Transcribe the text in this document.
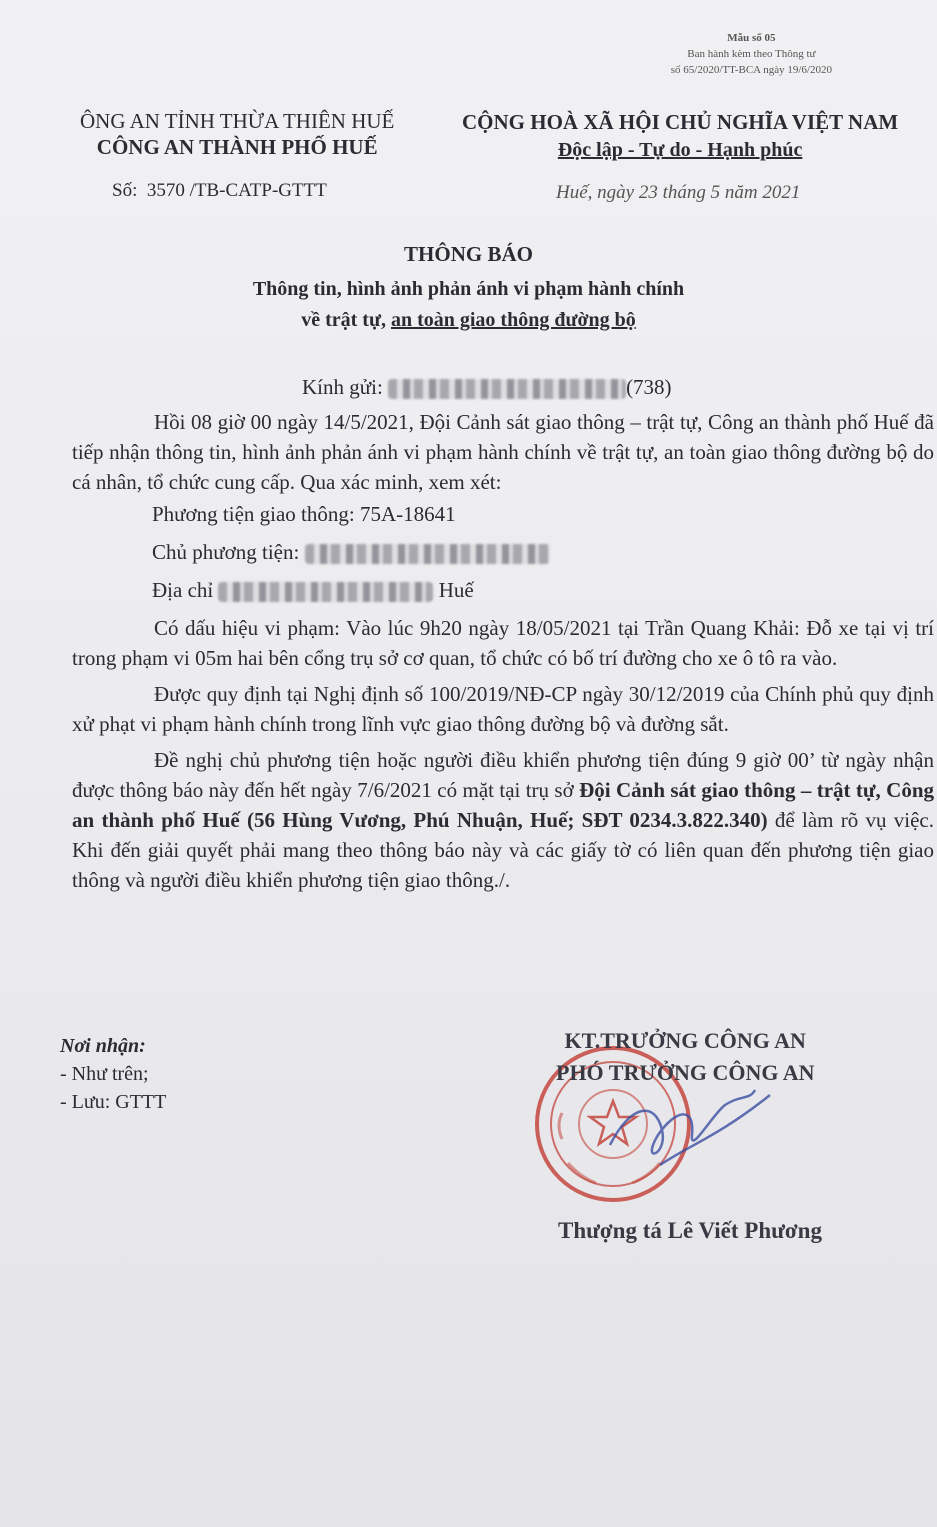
Mẫu số 05
Ban hành kèm theo Thông tư
số 65/2020/TT-BCA ngày 19/6/2020
ÔNG AN TỈNH THỪA THIÊN HUẾ
CÔNG AN THÀNH PHỐ HUẾ
CỘNG HOÀ XÃ HỘI CHỦ NGHĨA VIỆT NAM
Độc lập - Tự do - Hạnh phúc
Số: 3570 /TB-CATP-GTTT	Huế, ngày 23 tháng 5 năm 2021
THÔNG BÁO
Thông tin, hình ảnh phản ánh vi phạm hành chính
về trật tự, an toàn giao thông đường bộ
Kính gửi:	(738)

Hồi 08 giờ 00 ngày 14/5/2021, Đội Cảnh sát giao thông – trật tự, Công an thành phố Huế đã tiếp nhận thông tin, hình ảnh phản ánh vi phạm hành chính về trật tự, an toàn giao thông đường bộ do cá nhân, tổ chức cung cấp. Qua xác minh, xem xét:

Phương tiện giao thông: 75A-18641
Chủ phương tiện:
Địa chỉ	Huế

Có dấu hiệu vi phạm: Vào lúc 9h20 ngày 18/05/2021 tại Trần Quang Khải: Đỗ xe tại vị trí trong phạm vi 05m hai bên cổng trụ sở cơ quan, tổ chức có bố trí đường cho xe ô tô ra vào.

Được quy định tại Nghị định số 100/2019/NĐ-CP ngày 30/12/2019 của Chính phủ quy định xử phạt vi phạm hành chính trong lĩnh vực giao thông đường bộ và đường sắt.

Đề nghị chủ phương tiện hoặc người điều khiển phương tiện đúng 9 giờ 00’ từ ngày nhận được thông báo này đến hết ngày 7/6/2021 có mặt tại trụ sở Đội Cảnh sát giao thông – trật tự, Công an thành phố Huế (56 Hùng Vương, Phú Nhuận, Huế; SĐT 0234.3.822.340) để làm rõ vụ việc. Khi đến giải quyết phải mang theo thông báo này và các giấy tờ có liên quan đến phương tiện giao thông và người điều khiển phương tiện giao thông./.

Nơi nhận:
- Như trên;
- Lưu: GTTT
KT.TRƯỞNG CÔNG AN
PHÓ TRƯỞNG CÔNG AN
Thượng tá Lê Viết Phương
